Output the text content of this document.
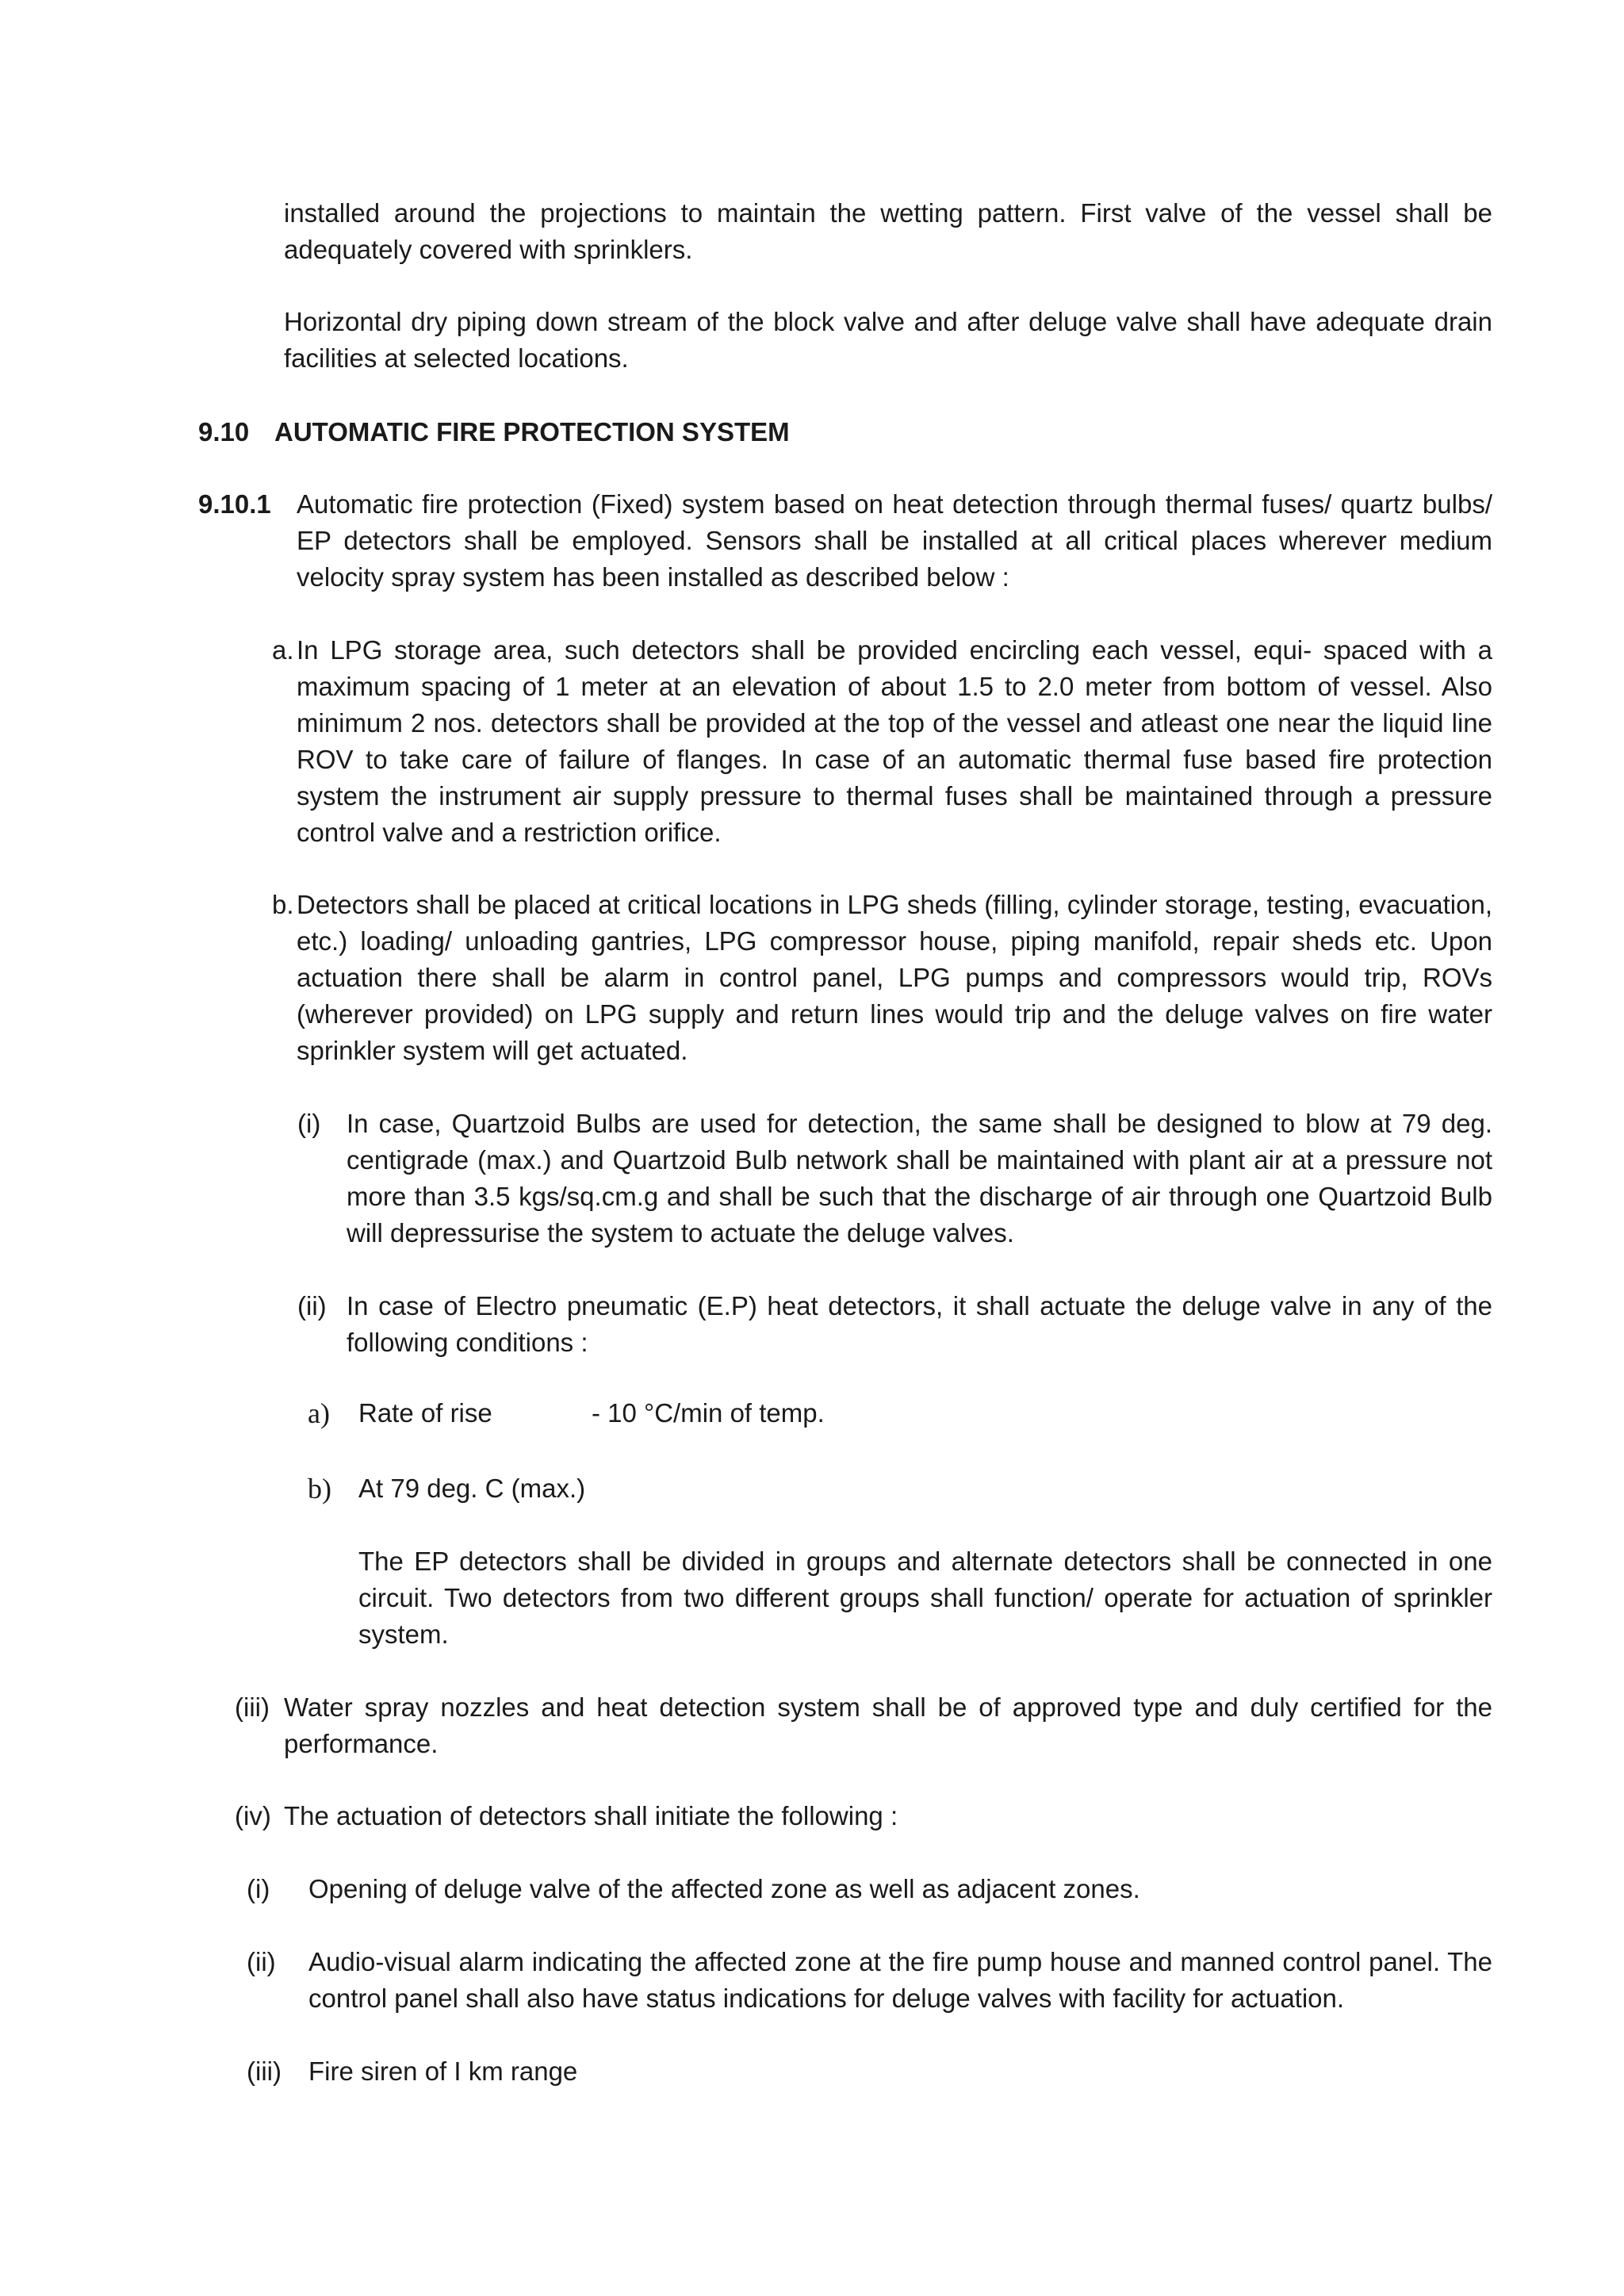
installed around the projections to maintain the wetting pattern. First valve of the vessel shall be adequately covered with sprinklers.

Horizontal dry piping down stream of the block valve and after deluge valve shall have adequate drain facilities at selected locations.

9.10 AUTOMATIC FIRE PROTECTION SYSTEM
9.10.1 Automatic fire protection (Fixed) system based on heat detection through thermal fuses/ quartz bulbs/ EP detectors shall be employed. Sensors shall be installed at all critical places wherever medium velocity spray system has been installed as described below :
a. In LPG storage area, such detectors shall be provided encircling each vessel, equi- spaced with a maximum spacing of 1 meter at an elevation of about 1.5 to 2.0 meter from bottom of vessel. Also minimum 2 nos. detectors shall be provided at the top of the vessel and atleast one near the liquid line ROV to take care of failure of flanges. In case of an automatic thermal fuse based fire protection system the instrument air supply pressure to thermal fuses shall be maintained through a pressure control valve and a restriction orifice.
b. Detectors shall be placed at critical locations in LPG sheds (filling, cylinder storage, testing, evacuation, etc.) loading/ unloading gantries, LPG compressor house, piping manifold, repair sheds etc. Upon actuation there shall be alarm in control panel, LPG pumps and compressors would trip, ROVs (wherever provided) on LPG supply and return lines would trip and the deluge valves on fire water sprinkler system will get actuated.
(i) In case, Quartzoid Bulbs are used for detection, the same shall be designed to blow at 79 deg. centigrade (max.) and Quartzoid Bulb network shall be maintained with plant air at a pressure not more than 3.5 kgs/sq.cm.g and shall be such that the discharge of air through one Quartzoid Bulb will depressurise the system to actuate the deluge valves.
(ii) In case of Electro pneumatic (E.P) heat detectors, it shall actuate the deluge valve in any of the following conditions :
a)	Rate of rise	- 10 °C/min of temp.
b)	At 79 deg. C (max.)

The EP detectors shall be divided in groups and alternate detectors shall be connected in one circuit. Two detectors from two different groups shall function/ operate for actuation of sprinkler system.

(iii) Water spray nozzles and heat detection system shall be of approved type and duly certified for the performance.
(iv) The actuation of detectors shall initiate the following :
(i)	Opening of deluge valve of the affected zone as well as adjacent zones.
(ii)	Audio-visual alarm indicating the affected zone at the fire pump house and manned control panel. The control panel shall also have status indications for deluge valves with facility for actuation.
(iii)	Fire siren of I km range
